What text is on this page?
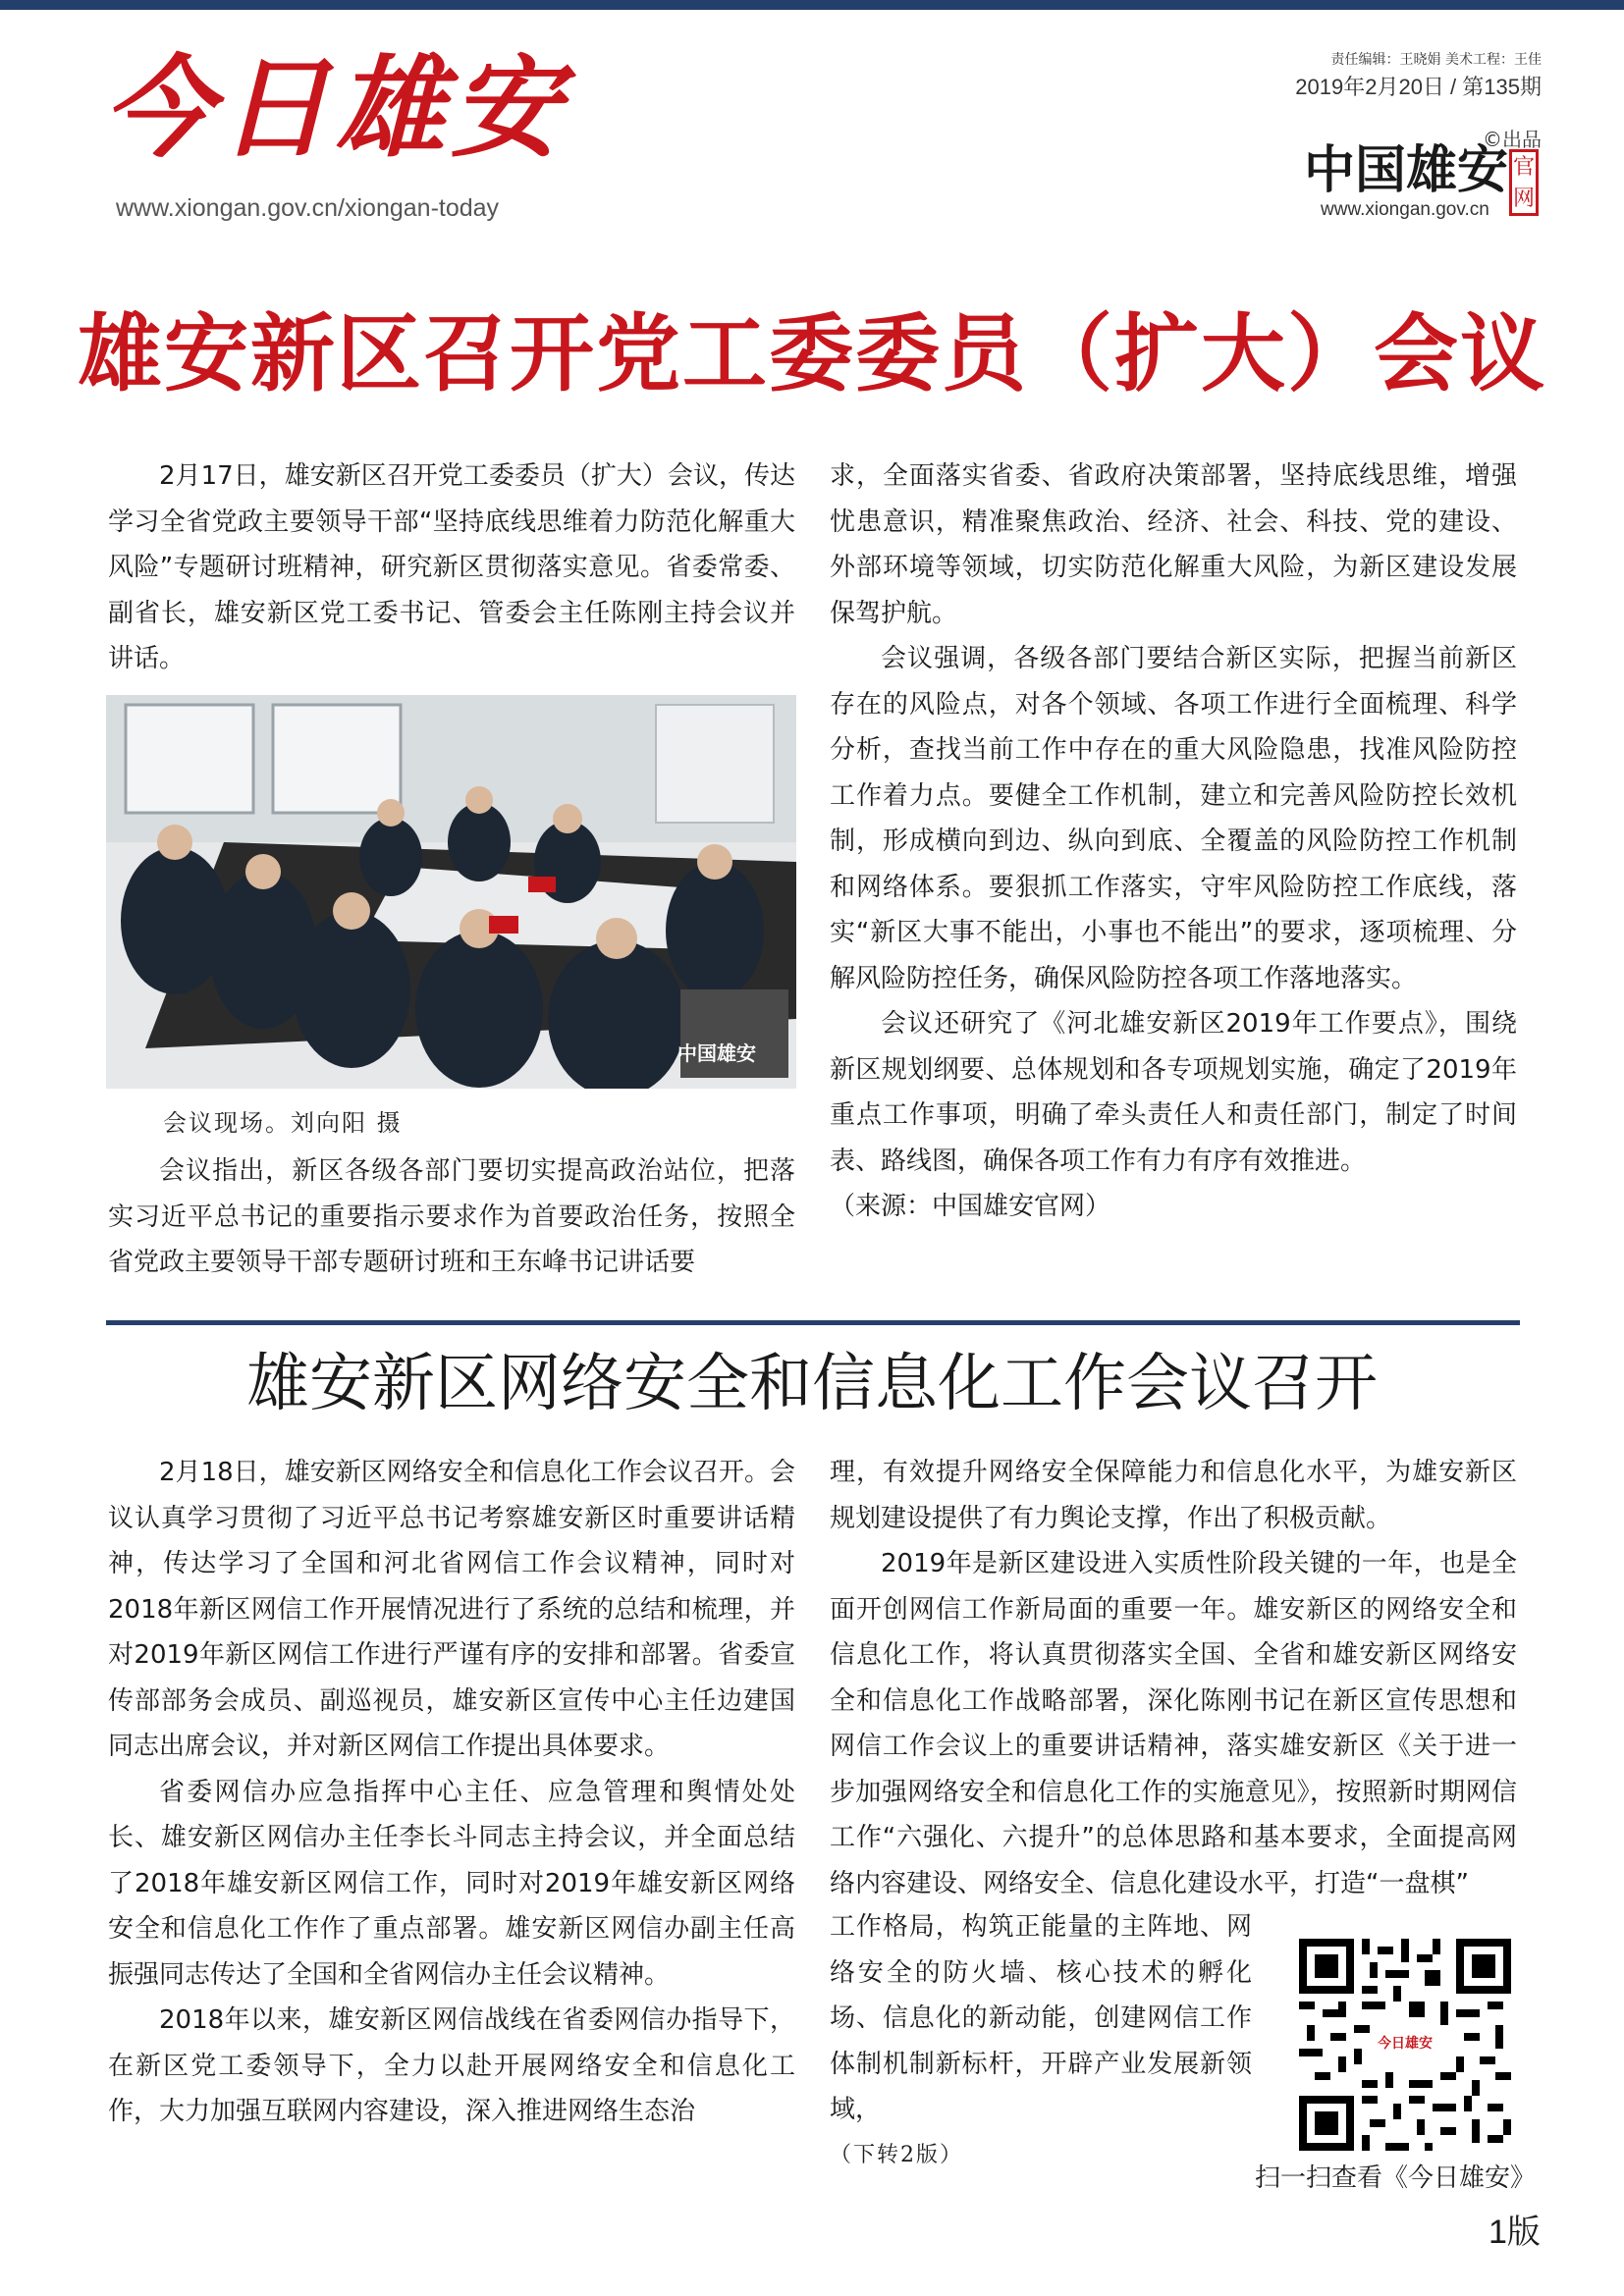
今日雄安
www.xiongan.gov.cn/xiongan-today
责任编辑：王晓娟 美术工程：王佳
2019年2月20日 / 第135期
©出品
中国雄安 官网
www.xiongan.gov.cn
雄安新区召开党工委委员（扩大）会议

2月17日，雄安新区召开党工委委员（扩大）会议，传达学习全省党政主要领导干部“坚持底线思维着力防范化解重大风险”专题研讨班精神，研究新区贯彻落实意见。省委常委、副省长，雄安新区党工委书记、管委会主任陈刚主持会议并讲话。

中国雄安
会议现场。刘向阳 摄

会议指出，新区各级各部门要切实提高政治站位，把落实习近平总书记的重要指示要求作为首要政治任务，按照全省党政主要领导干部专题研讨班和王东峰书记讲话要

求，全面落实省委、省政府决策部署，坚持底线思维，增强忧患意识，精准聚焦政治、经济、社会、科技、党的建设、外部环境等领域，切实防范化解重大风险，为新区建设发展保驾护航。

会议强调，各级各部门要结合新区实际，把握当前新区存在的风险点，对各个领域、各项工作进行全面梳理、科学分析，查找当前工作中存在的重大风险隐患，找准风险防控工作着力点。要健全工作机制，建立和完善风险防控长效机制，形成横向到边、纵向到底、全覆盖的风险防控工作机制和网络体系。要狠抓工作落实，守牢风险防控工作底线，落实“新区大事不能出，小事也不能出”的要求，逐项梳理、分解风险防控任务，确保风险防控各项工作落地落实。

会议还研究了《河北雄安新区2019年工作要点》，围绕新区规划纲要、总体规划和各专项规划实施，确定了2019年重点工作事项，明确了牵头责任人和责任部门，制定了时间表、路线图，确保各项工作有力有序有效推进。

（来源：中国雄安官网）

雄安新区网络安全和信息化工作会议召开

2月18日，雄安新区网络安全和信息化工作会议召开。会议认真学习贯彻了习近平总书记考察雄安新区时重要讲话精神，传达学习了全国和河北省网信工作会议精神，同时对2018年新区网信工作开展情况进行了系统的总结和梳理，并对2019年新区网信工作进行严谨有序的安排和部署。省委宣传部部务会成员、副巡视员，雄安新区宣传中心主任边建国同志出席会议，并对新区网信工作提出具体要求。

省委网信办应急指挥中心主任、应急管理和舆情处处长、雄安新区网信办主任李长斗同志主持会议，并全面总结了2018年雄安新区网信工作，同时对2019年雄安新区网络安全和信息化工作作了重点部署。雄安新区网信办副主任高振强同志传达了全国和全省网信办主任会议精神。

2018年以来，雄安新区网信战线在省委网信办指导下，在新区党工委领导下，全力以赴开展网络安全和信息化工作，大力加强互联网内容建设，深入推进网络生态治

理，有效提升网络安全保障能力和信息化水平，为雄安新区规划建设提供了有力舆论支撑，作出了积极贡献。

2019年是新区建设进入实质性阶段关键的一年，也是全面开创网信工作新局面的重要一年。雄安新区的网络安全和信息化工作，将认真贯彻落实全国、全省和雄安新区网络安全和信息化工作战略部署，深化陈刚书记在新区宣传思想和网信工作会议上的重要讲话精神，落实雄安新区《关于进一步加强网络安全和信息化工作的实施意见》，按照新时期网信工作“六强化、六提升”的总体思路和基本要求，全面提高网络内容建设、网络安全、信息化建设水平，打造“一盘棋”

工作格局，构筑正能量的主阵地、网络安全的防火墙、核心技术的孵化场、信息化的新动能，创建网信工作体制机制新标杆，开辟产业发展新领域，

（下转2版）

今日雄安
扫一扫查看《今日雄安》
1版
